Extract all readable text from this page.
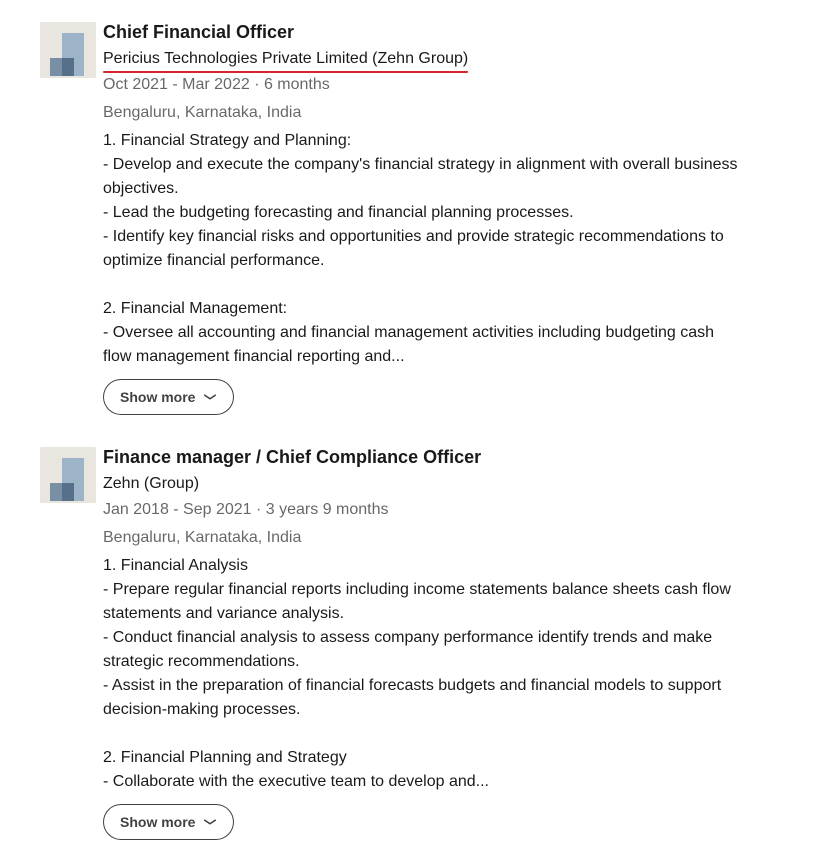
Chief Financial Officer
Pericius Technologies Private Limited (Zehn Group)
Oct 2021 - Mar 2022 · 6 months
Bengaluru, Karnataka, India
1. Financial Strategy and Planning:
- Develop and execute the company's financial strategy in alignment with overall business
objectives.
- Lead the budgeting forecasting and financial planning processes.
- Identify key financial risks and opportunities and provide strategic recommendations to
optimize financial performance.
2. Financial Management:
- Oversee all accounting and financial management activities including budgeting cash
flow management financial reporting and...
Show more
Finance manager / Chief Compliance Officer
Zehn (Group)
Jan 2018 - Sep 2021 · 3 years 9 months
Bengaluru, Karnataka, India
1. Financial Analysis
- Prepare regular financial reports including income statements balance sheets cash flow
statements and variance analysis.
- Conduct financial analysis to assess company performance identify trends and make
strategic recommendations.
- Assist in the preparation of financial forecasts budgets and financial models to support
decision-making processes.
2. Financial Planning and Strategy
- Collaborate with the executive team to develop and...
Show more
